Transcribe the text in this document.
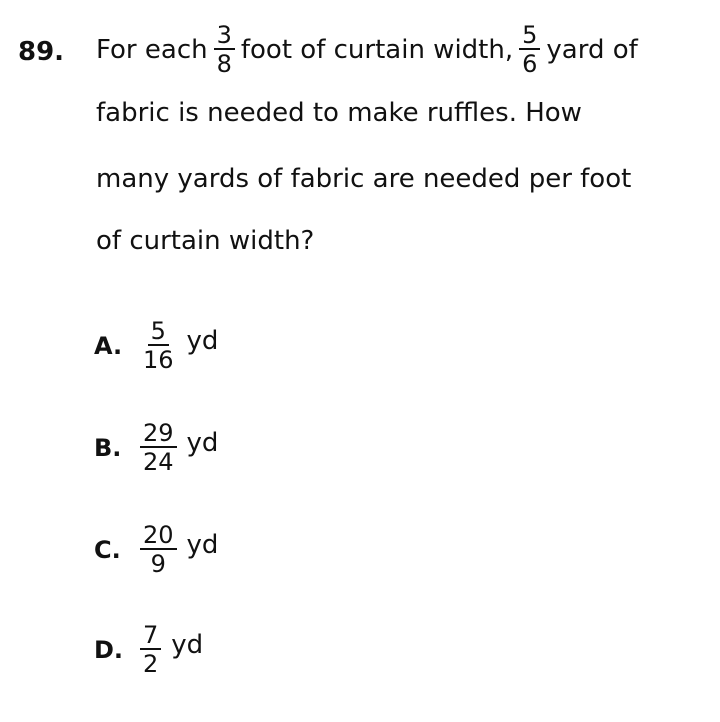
89. For each $\frac{3}{8}$ foot of curtain width, $\frac{5}{6}$ yard of
fabric is needed to make ruffles. How
many yards of fabric are needed per foot
of curtain width?
A. $\frac{5}{16}$ yd
B. $\frac{29}{24}$ yd
C. $\frac{20}{9}$ yd
D. $\frac{7}{2}$ yd
